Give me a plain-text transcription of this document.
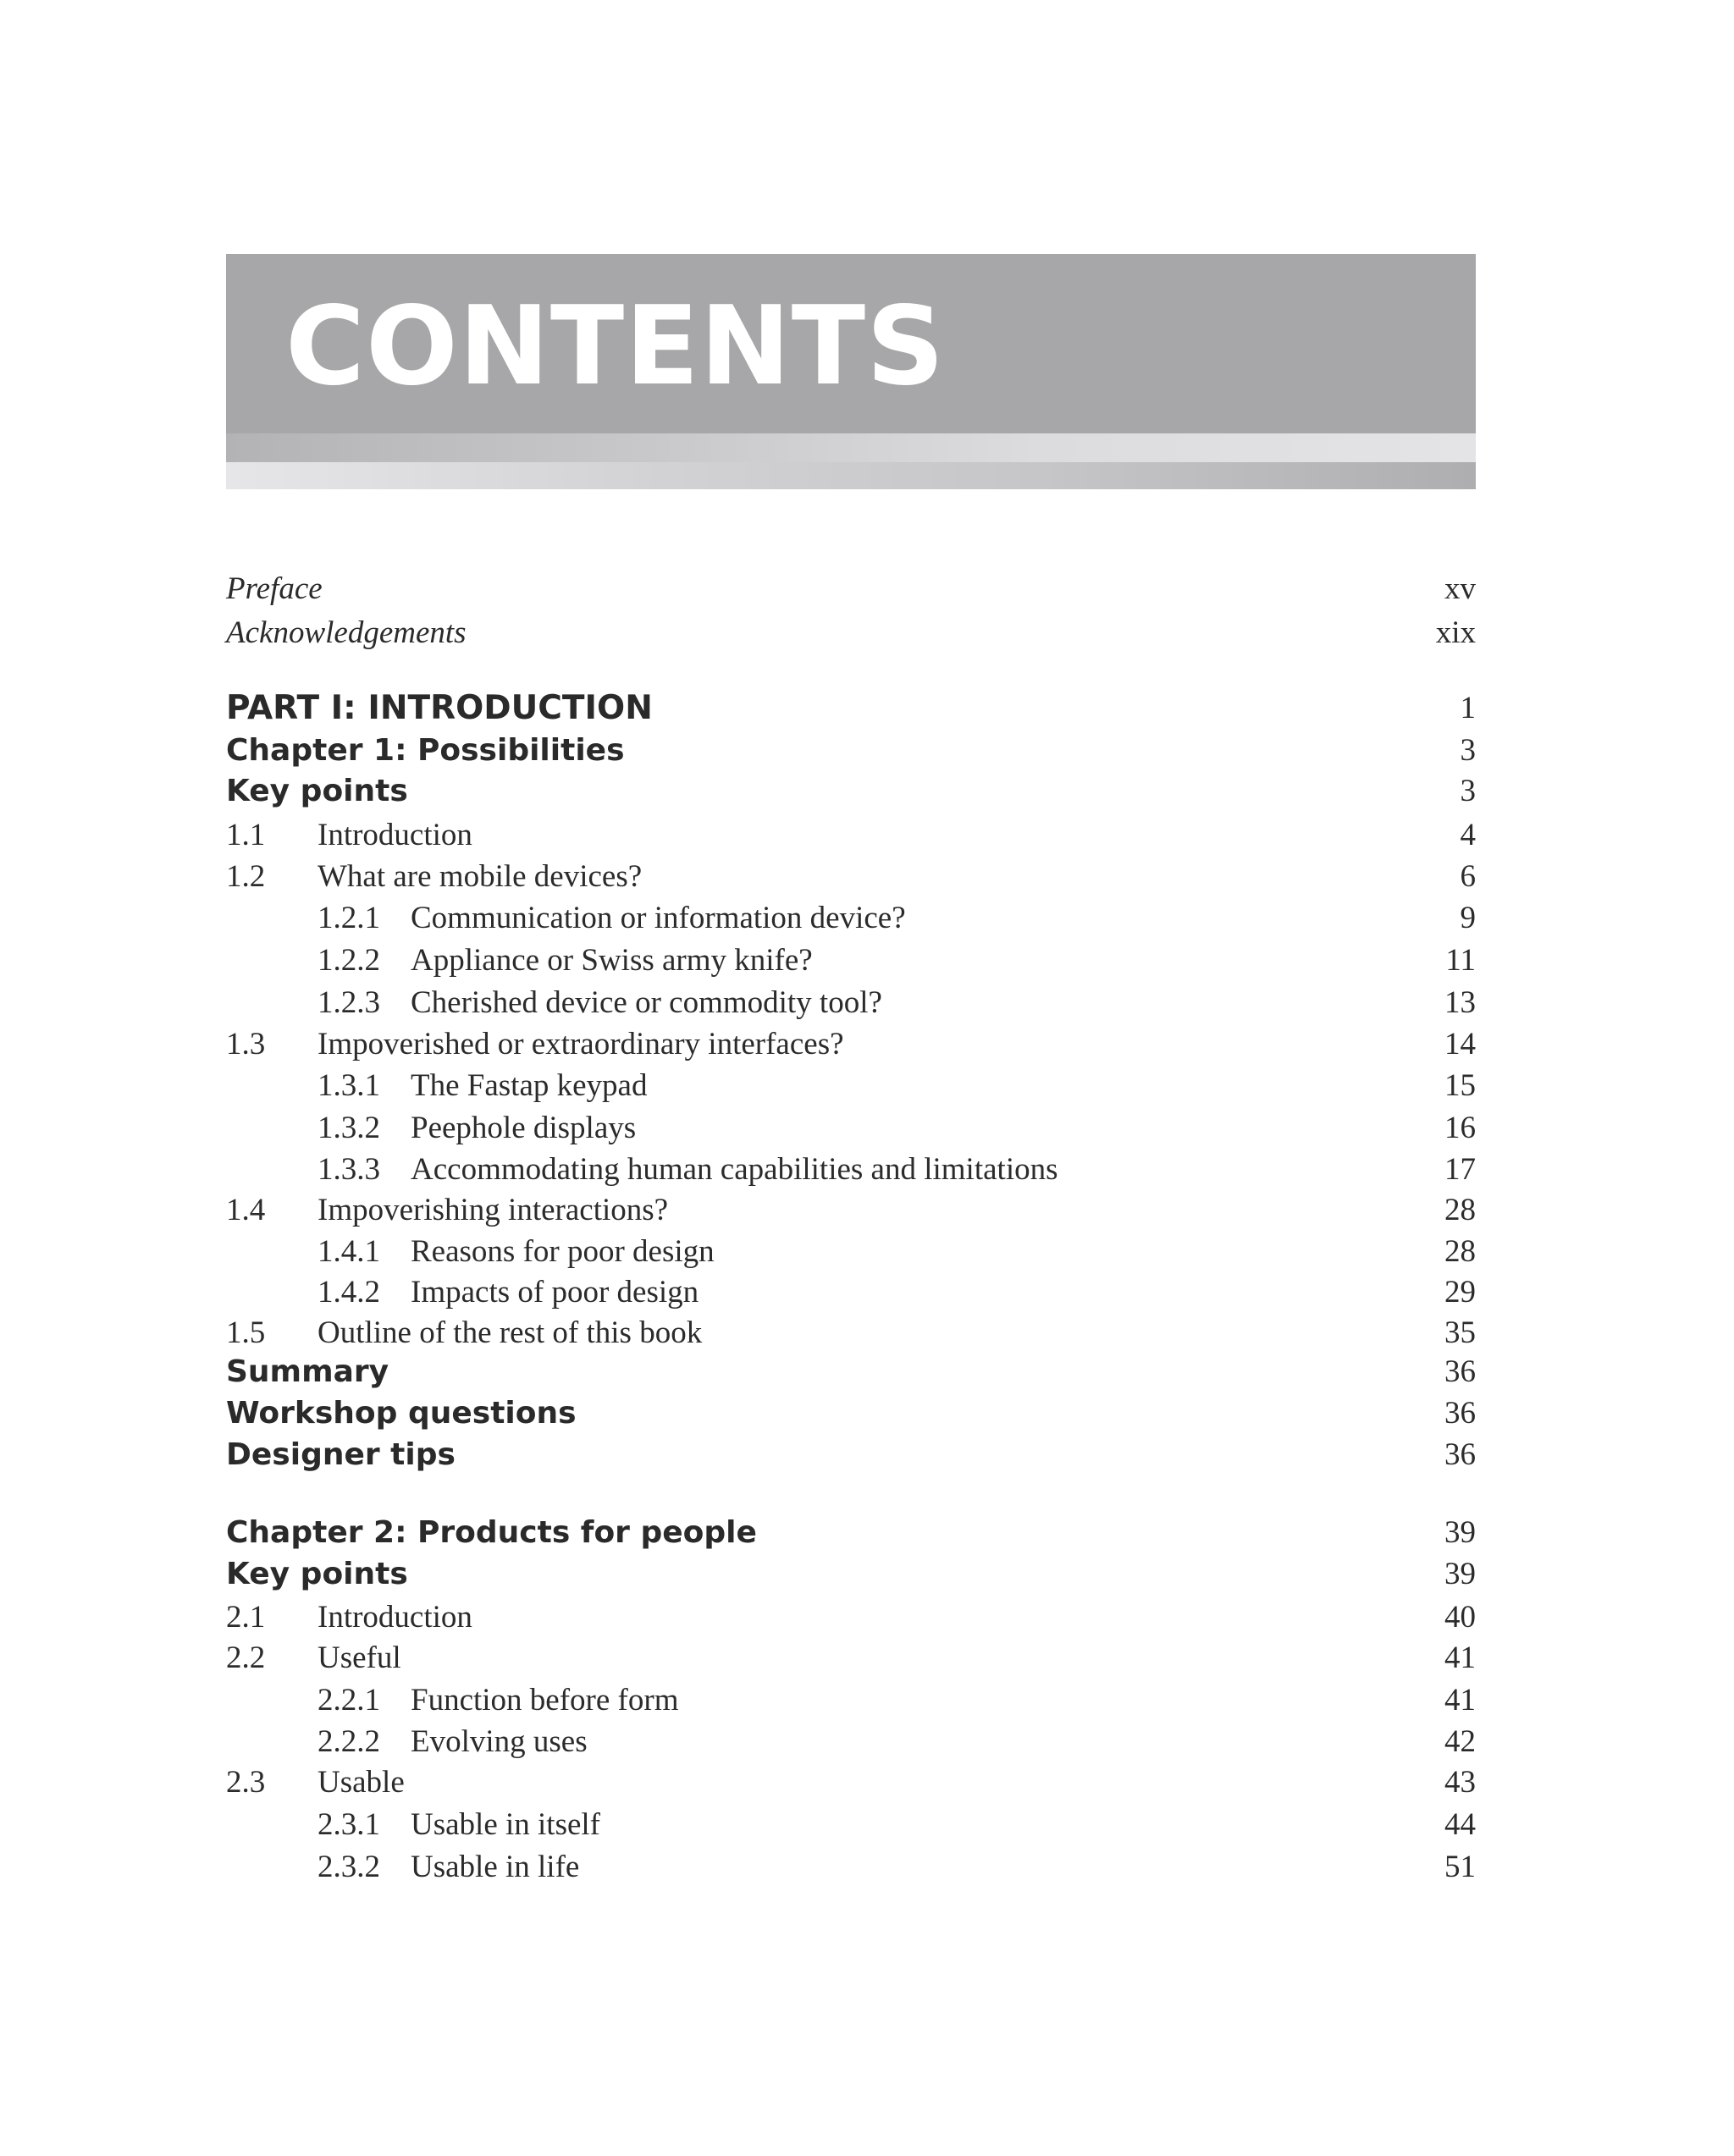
CONTENTS
Preface	xv
Acknowledgements	xix
PART I: INTRODUCTION	1
Chapter 1: Possibilities	3
Key points	3
1.1 Introduction	4
1.2 What are mobile devices?	6
1.2.1 Communication or information device?	9
1.2.2 Appliance or Swiss army knife?	11
1.2.3 Cherished device or commodity tool?	13
1.3 Impoverished or extraordinary interfaces?	14
1.3.1 The Fastap keypad	15
1.3.2 Peephole displays	16
1.3.3 Accommodating human capabilities and limitations	17
1.4 Impoverishing interactions?	28
1.4.1 Reasons for poor design	28
1.4.2 Impacts of poor design	29
1.5 Outline of the rest of this book	35
Summary	36
Workshop questions	36
Designer tips	36
Chapter 2: Products for people	39
Key points	39
2.1 Introduction	40
2.2 Useful	41
2.2.1 Function before form	41
2.2.2 Evolving uses	42
2.3 Usable	43
2.3.1 Usable in itself	44
2.3.2 Usable in life	51
